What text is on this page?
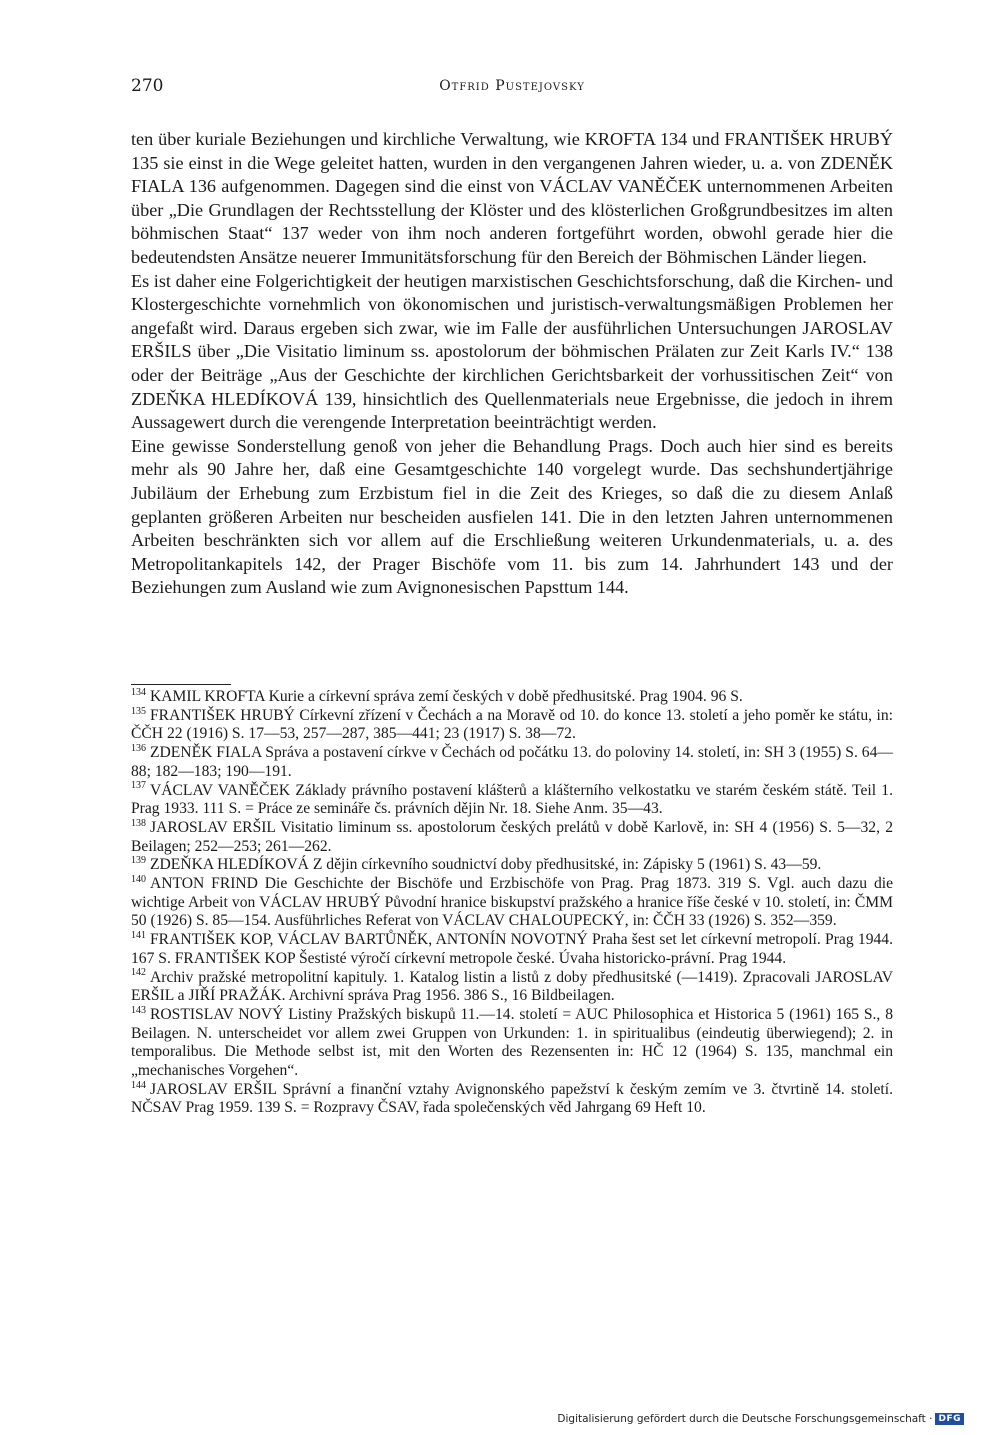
270	Otfrid Pustejovsky

ten über kuriale Beziehungen und kirchliche Verwaltung, wie KROFTA 134 und FRANTIŠEK HRUBÝ 135 sie einst in die Wege geleitet hatten, wurden in den vergangenen Jahren wieder, u. a. von ZDENĚK FIALA 136 aufgenommen. Dagegen sind die einst von VÁCLAV VANĚČEK unternommenen Arbeiten über „Die Grundlagen der Rechtsstellung der Klöster und des klösterlichen Großgrundbesitzes im alten böhmischen Staat“ 137 weder von ihm noch anderen fortgeführt worden, obwohl gerade hier die bedeutendsten Ansätze neuerer Immunitätsforschung für den Bereich der Böhmischen Länder liegen.

Es ist daher eine Folgerichtigkeit der heutigen marxistischen Geschichtsforschung, daß die Kirchen- und Klostergeschichte vornehmlich von ökonomischen und juristisch-verwaltungsmäßigen Problemen her angefaßt wird. Daraus ergeben sich zwar, wie im Falle der ausführlichen Untersuchungen JAROSLAV ERŠILS über „Die Visitatio liminum ss. apostolorum der böhmischen Prälaten zur Zeit Karls IV.“ 138 oder der Beiträge „Aus der Geschichte der kirchlichen Gerichtsbarkeit der vorhussitischen Zeit“ von ZDEŇKA HLEDÍKOVÁ 139, hinsichtlich des Quellenmaterials neue Ergebnisse, die jedoch in ihrem Aussagewert durch die verengende Interpretation beeinträchtigt werden.

Eine gewisse Sonderstellung genoß von jeher die Behandlung Prags. Doch auch hier sind es bereits mehr als 90 Jahre her, daß eine Gesamtgeschichte 140 vorgelegt wurde. Das sechshundertjährige Jubiläum der Erhebung zum Erzbistum fiel in die Zeit des Krieges, so daß die zu diesem Anlaß geplanten größeren Arbeiten nur bescheiden ausfielen 141. Die in den letzten Jahren unternommenen Arbeiten beschränkten sich vor allem auf die Erschließung weiteren Urkundenmaterials, u. a. des Metropolitankapitels 142, der Prager Bischöfe vom 11. bis zum 14. Jahrhundert 143 und der Beziehungen zum Ausland wie zum Avignonesischen Papsttum 144.

$^{134}$ KAMIL KROFTA Kurie a církevní správa zemí českých v době předhusitské. Prag 1904. 96 S.

$^{135}$ FRANTIŠEK HRUBÝ Církevní zřízení v Čechách a na Moravě od 10. do konce 13. století a jeho poměr ke státu, in: ČČH 22 (1916) S. 17—53, 257—287, 385—441; 23 (1917) S. 38—72.

$^{136}$ ZDENĚK FIALA Správa a postavení církve v Čechách od počátku 13. do poloviny 14. století, in: SH 3 (1955) S. 64—88; 182—183; 190—191.

$^{137}$ VÁCLAV VANĚČEK Základy právního postavení klášterů a klášterního velkostatku ve starém českém státě. Teil 1. Prag 1933. 111 S. = Práce ze semináře čs. právních dějin Nr. 18. Siehe Anm. 35—43.

$^{138}$ JAROSLAV ERŠIL Visitatio liminum ss. apostolorum českých prelátů v době Karlově, in: SH 4 (1956) S. 5—32, 2 Beilagen; 252—253; 261—262.

$^{139}$ ZDEŇKA HLEDÍKOVÁ Z dějin církevního soudnictví doby předhusitské, in: Zápisky 5 (1961) S. 43—59.

$^{140}$ ANTON FRIND Die Geschichte der Bischöfe und Erzbischöfe von Prag. Prag 1873. 319 S. Vgl. auch dazu die wichtige Arbeit von VÁCLAV HRUBÝ Původní hranice biskupství pražského a hranice říše české v 10. století, in: ČMM 50 (1926) S. 85—154. Ausführliches Referat von VÁCLAV CHALOUPECKÝ, in: ČČH 33 (1926) S. 352—359.

$^{141}$ FRANTIŠEK KOP, VÁCLAV BARTŮNĚK, ANTONÍN NOVOTNÝ Praha šest set let církevní metropolí. Prag 1944. 167 S. FRANTIŠEK KOP Šestisté výročí církevní metropole české. Úvaha historicko-právní. Prag 1944.

$^{142}$ Archiv pražské metropolitní kapituly. 1. Katalog listin a listů z doby předhusitské (—1419). Zpracovali JAROSLAV ERŠIL a JIŘÍ PRAŽÁK. Archivní správa Prag 1956. 386 S., 16 Bildbeilagen.

$^{143}$ ROSTISLAV NOVÝ Listiny Pražských biskupů 11.—14. století = AUC Philosophica et Historica 5 (1961) 165 S., 8 Beilagen. N. unterscheidet vor allem zwei Gruppen von Urkunden: 1. in spiritualibus (eindeutig überwiegend); 2. in temporalibus. Die Methode selbst ist, mit den Worten des Rezensenten in: HČ 12 (1964) S. 135, manchmal ein „mechanisches Vorgehen“.

$^{144}$ JAROSLAV ERŠIL Správní a finanční vztahy Avignonského papežství k českým zemím ve 3. čtvrtině 14. století. NČSAV Prag 1959. 139 S. = Rozpravy ČSAV, řada společenských věd Jahrgang 69 Heft 10.

Digitalisierung gefördert durch die Deutsche Forschungsgemeinschaft · DFG
